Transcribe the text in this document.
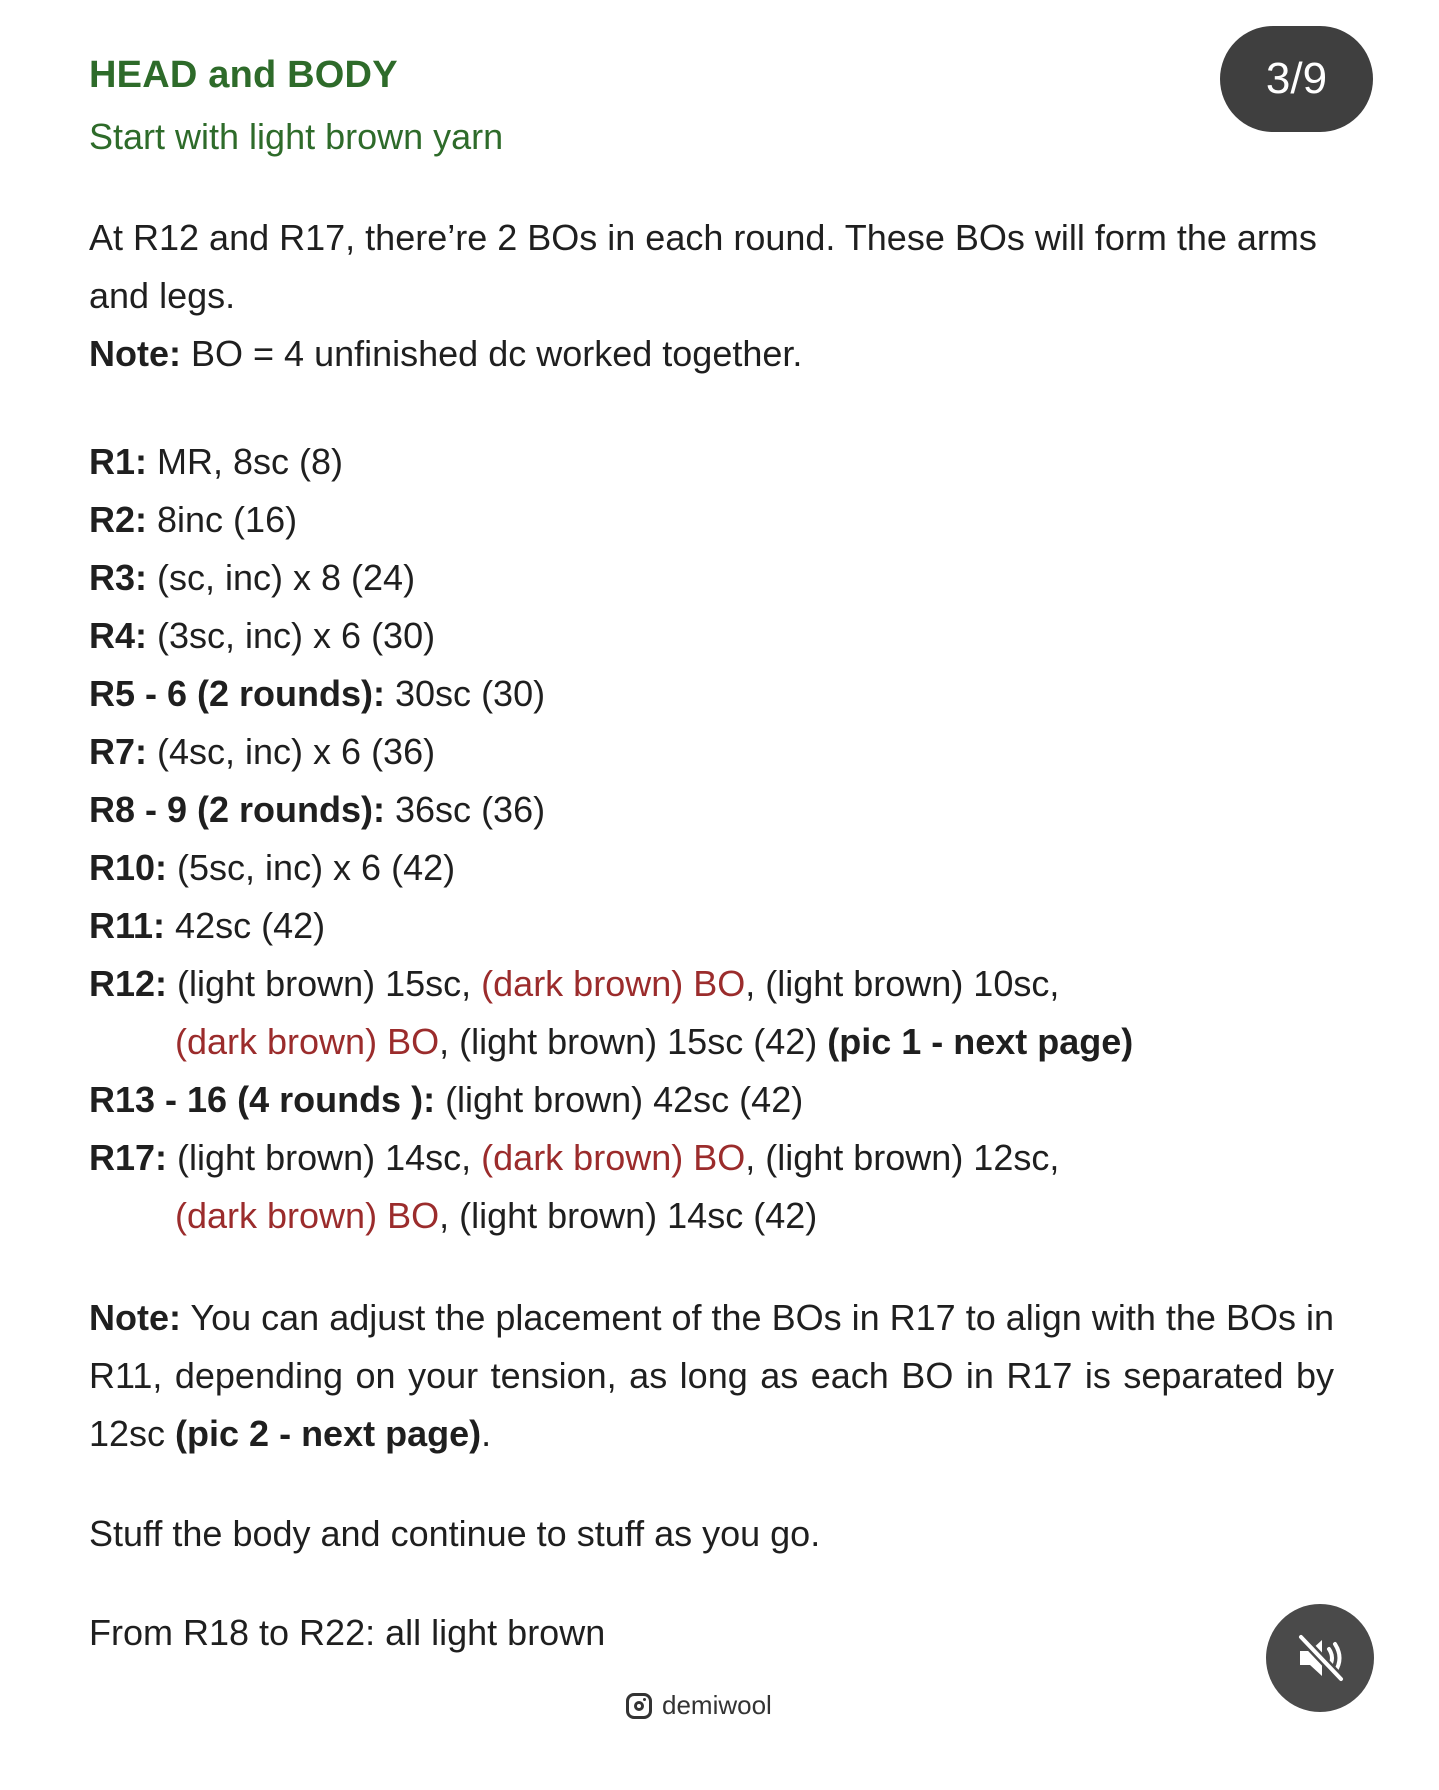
HEAD and BODY
Start with light brown yarn
3/9

At R12 and R17, there’re 2 BOs in each round. These BOs will form the arms and legs.

Note: BO = 4 unfinished dc worked together.

R1: MR, 8sc (8)
R2: 8inc (16)
R3: (sc, inc) x 8 (24)
R4: (3sc, inc) x 6 (30)
R5 - 6 (2 rounds): 30sc (30)
R7: (4sc, inc) x 6 (36)
R8 - 9 (2 rounds): 36sc (36)
R10: (5sc, inc) x 6 (42)
R11: 42sc (42)
R12: (light brown) 15sc, (dark brown) BO, (light brown) 10sc,
(dark brown) BO, (light brown) 15sc (42) (pic 1 - next page)
R13 - 16 (4 rounds ): (light brown) 42sc (42)
R17: (light brown) 14sc, (dark brown) BO, (light brown) 12sc,
(dark brown) BO, (light brown) 14sc (42)

Note: You can adjust the placement of the BOs in R17 to align with the BOs in R11, depending on your tension, as long as each BO in R17 is separated by 12sc (pic 2 - next page).

Stuff the body and continue to stuff as you go.

From R18 to R22: all light brown

demiwool
